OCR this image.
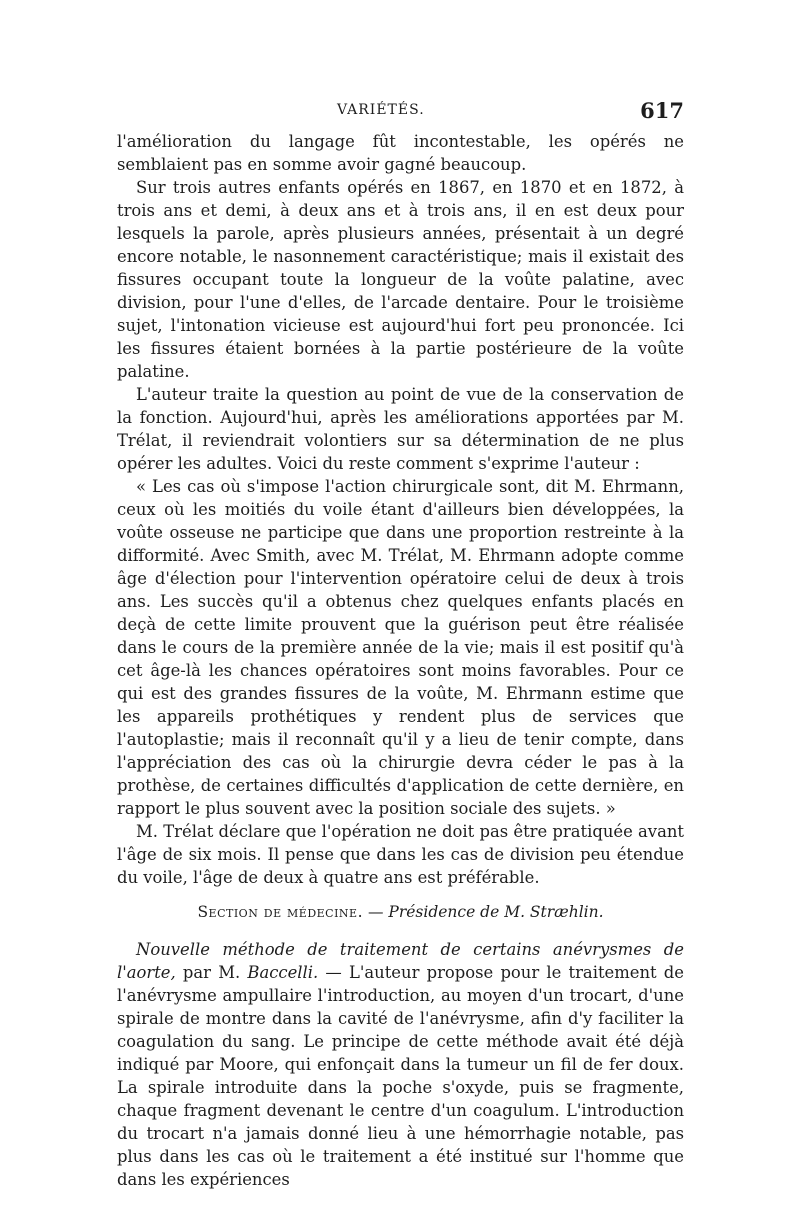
VARIÉTÉS.	617

l'amélioration du langage fût incontestable, les opérés ne semblaient pas en somme avoir gagné beaucoup.

Sur trois autres enfants opérés en 1867, en 1870 et en 1872, à trois ans et demi, à deux ans et à trois ans, il en est deux pour lesquels la parole, après plusieurs années, présentait à un degré encore notable, le nasonnement caractéristique; mais il existait des fissures occupant toute la longueur de la voûte palatine, avec division, pour l'une d'elles, de l'arcade dentaire. Pour le troisième sujet, l'intonation vicieuse est aujourd'hui fort peu prononcée. Ici les fissures étaient bornées à la partie postérieure de la voûte palatine.

L'auteur traite la question au point de vue de la conservation de la fonction. Aujourd'hui, après les améliorations apportées par M. Trélat, il reviendrait volontiers sur sa détermination de ne plus opérer les adultes. Voici du reste comment s'exprime l'auteur :

« Les cas où s'impose l'action chirurgicale sont, dit M. Ehrmann, ceux où les moitiés du voile étant d'ailleurs bien développées, la voûte osseuse ne participe que dans une proportion restreinte à la difformité. Avec Smith, avec M. Trélat, M. Ehrmann adopte comme âge d'élection pour l'intervention opératoire celui de deux à trois ans. Les succès qu'il a obtenus chez quelques enfants placés en deçà de cette limite prouvent que la guérison peut être réalisée dans le cours de la première année de la vie; mais il est positif qu'à cet âge-là les chances opératoires sont moins favorables. Pour ce qui est des grandes fissures de la voûte, M. Ehrmann estime que les appareils prothétiques y rendent plus de services que l'autoplastie; mais il reconnaît qu'il y a lieu de tenir compte, dans l'appréciation des cas où la chirurgie devra céder le pas à la prothèse, de certaines difficultés d'application de cette dernière, en rapport le plus souvent avec la position sociale des sujets. »

M. Trélat déclare que l'opération ne doit pas être pratiquée avant l'âge de six mois. Il pense que dans les cas de division peu étendue du voile, l'âge de deux à quatre ans est préférable.

Section de médecine. — Présidence de M. Stræhlin.

Nouvelle méthode de traitement de certains anévrysmes de l'aorte, par M. Baccelli. — L'auteur propose pour le traitement de l'anévrysme ampullaire l'introduction, au moyen d'un trocart, d'une spirale de montre dans la cavité de l'anévrysme, afin d'y faciliter la coagulation du sang. Le principe de cette méthode avait été déjà indiqué par Moore, qui enfonçait dans la tumeur un fil de fer doux. La spirale introduite dans la poche s'oxyde, puis se fragmente, chaque fragment devenant le centre d'un coagulum. L'introduction du trocart n'a jamais donné lieu à une hémorrhagie notable, pas plus dans les cas où le traitement a été institué sur l'homme que dans les expériences
